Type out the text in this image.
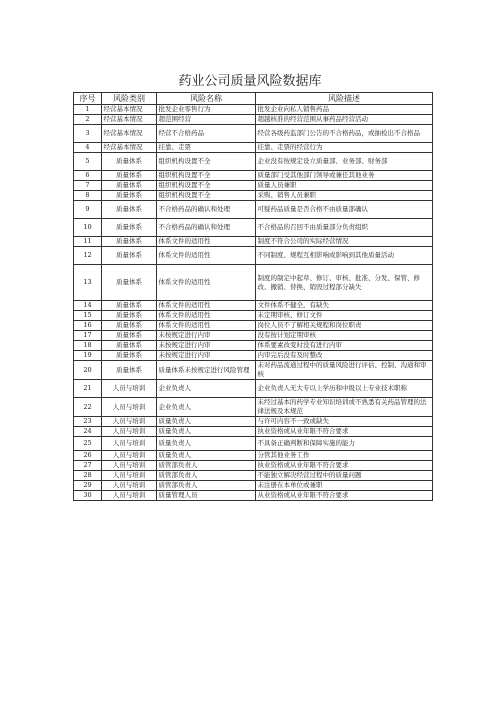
药业公司质量风险数据库
序号	风险类别	风险名称	风险描述
1	经营基本情况	批发企业零售行为	批发企业向私人销售药品
2	经营基本情况	超范围经营	超越核准的经营范围从事药品经营活动
3	经营基本情况	经营不合格药品	经营各级药监部门公告的不合格药品，或抽检出不合格品
4	经营基本情况	挂靠、走票	挂靠、走票的经营行为
5	质量体系	组织机构设置不全	企业没有按规定设立质量部、业务部、财务部
6	质量体系	组织机构设置不全	质量部门受其他部门领导或兼任其他业务
7	质量体系	组织机构设置不全	质量人员兼职
8	质量体系	组织机构设置不全	采购、销售人员兼职
9	质量体系	不合格药品的确认和处理	可疑药品质量是否合格不由质量部确认
10	质量体系	不合格药品的确认和处理	不合格品的召回不由质量部分负责组织
11	质量体系	体系文件的适用性	制度不符合公司的实际经营情况
12	质量体系	体系文件的适用性	不同制度、规程互相影响或影响到其他质量活动
13	质量体系	体系文件的适用性	制度的制定中起草、修订、审核、批准、分发、保管、修改、撤销、替换、销毁过程部分缺失
14	质量体系	体系文件的适用性	文件体系不健全，有缺失
15	质量体系	体系文件的适用性	未定期审核、修订文件
16	质量体系	体系文件的适用性	岗位人员不了解相关规程和岗位职责
17	质量体系	未按规定进行内审	没有按计划定期审核
18	质量体系	未按规定进行内审	体系要素改变时没有进行内审
19	质量体系	未按规定进行内审	内审完后没有及时整改
20	质量体系	质量体系未按规定进行风险管理	未对药品流通过程中的质量风险进行评估、控制、沟通和审核
21	人员与培训	企业负责人	企业负责人无大专以上学历和中级以上专业技术职称
22	人员与培训	企业负责人	未经过基本的药学专业知识培训或不熟悉有关药品管理的法律法规及本规范
23	人员与培训	质量负责人	与许可内容不一致或缺失
24	人员与培训	质量负责人	执业资格或从业年限不符合要求
25	人员与培训	质量负责人	不具备正确判断和保障实施的能力
26	人员与培训	质量负责人	分管其他业务工作
27	人员与培训	质管部负责人	执业资格或从业年限不符合要求
28	人员与培训	质管部负责人	不能独立解决经营过程中的质量问题
29	人员与培训	质管部负责人	未注册在本单位或兼职
30	人员与培训	质量管理人员	从业资格或从业年限不符合要求
